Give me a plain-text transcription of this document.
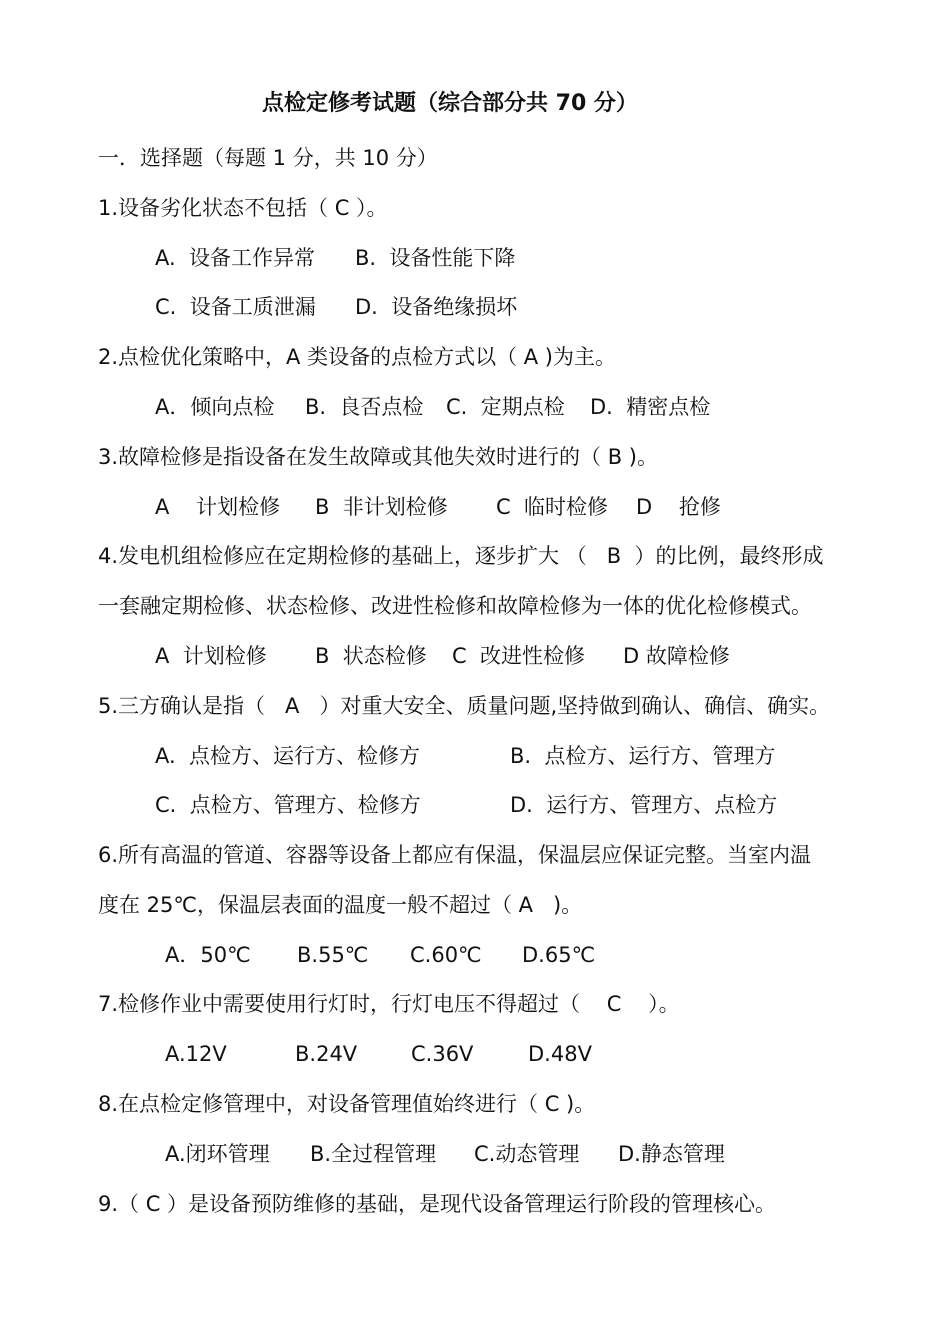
点检定修考试题（综合部分共 70 分）
一．选择题（每题 1 分，共 10 分）
1.设备劣化状态不包括（ C ）。
A.  设备工作异常 B.  设备性能下降
C.  设备工质泄漏 D.  设备绝缘损坏
2.点检优化策略中，A 类设备的点检方式以（ A )为主。
A．倾向点检 B.  良否点检 C.  定期点检 D.  精密点检
3.故障检修是指设备在发生故障或其他失效时进行的（ B )。
A    计划检修 B  非计划检修 C  临时检修 D    抢修
4.发电机组检修应在定期检修的基础上，逐步扩大 （   B  ）的比例，最终形成
一套融定期检修、状态检修、改进性检修和故障检修为一体的优化检修模式。
A  计划检修 B  状态检修 C  改进性检修 D 故障检修
5.三方确认是指（   A   ）对重大安全、质量问题,坚持做到确认、确信、确实。
A.  点检方、运行方、检修方	B.  点检方、运行方、管理方
C.  点检方、管理方、检修方	D.  运行方、管理方、点检方
6.所有高温的管道、容器等设备上都应有保温，保温层应保证完整。当室内温
度在 25℃，保温层表面的温度一般不超过（ A   )。
A．50℃ B.55℃ C.60℃ D.65℃
7.检修作业中需要使用行灯时，行灯电压不得超过（    C    ）。
A.12V	B.24V	C.36V	D.48V
8.在点检定修管理中，对设备管理值始终进行（ C )。
A.闭环管理 B.全过程管理 C.动态管理 D.静态管理
9.（ C ）是设备预防维修的基础，是现代设备管理运行阶段的管理核心。
